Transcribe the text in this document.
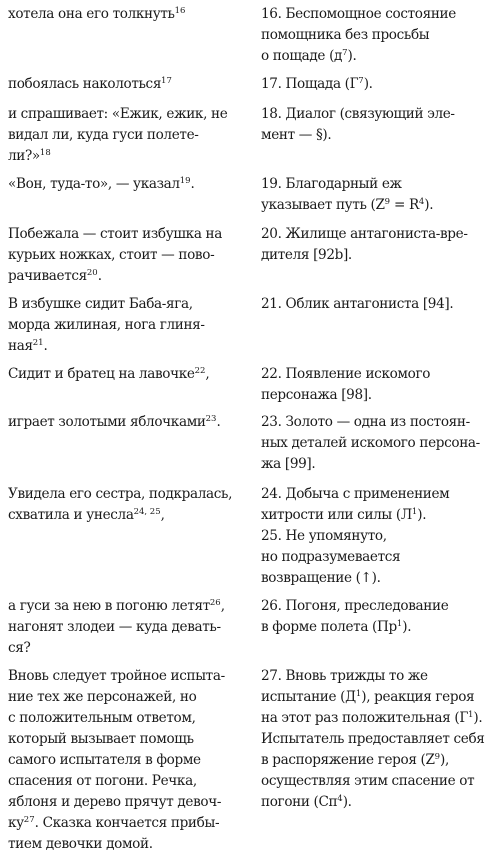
хотела она его толкнуть$^{16}$	16. Беспомощное состояние
помощника без просьбы
о пощаде $(д^7)$.
побоялась наколоться$^{17}$	17. Пощада $(Г^7)$.
и спрашивает: «Ежик, ежик, не
видал ли, куда гуси полете-
ли?»$^{18}$
18. Диалог (связующий эле-
мент — §).
«Вон, туда-то», — указал$^{19}$.	19. Благодарный еж
указывает путь $(Z^9 = R^4)$.
Побежала — стоит избушка на
курьих ножках, стоит — пово-
рачивается$^{20}$.
20. Жилище антагониста-вре-
дителя [92b].
В избушке сидит Баба-яга,
морда жилиная, нога глиня-
ная$^{21}$.
21. Облик антагониста [94].
Сидит и братец на лавочке$^{22}$,	22. Появление искомого
персонажа [98].
играет золотыми яблочками$^{23}$.	23. Золото — одна из постоян-
ных деталей искомого персона-
жа [99].
Увидела его сестра, подкралась,
схватила и унесла$^{24, 25}$,
24. Добыча с применением
хитрости или силы $(Л^1)$.
25. Не упомянуто,
но подразумевается
возвращение (↑).
а гуси за нею в погоню летят$^{26}$,
нагонят злодеи — куда девать-
ся?
26. Погоня, преследование
в форме полета $(Пр^1)$.
Вновь следует тройное испыта-
ние тех же персонажей, но
с положительным ответом,
который вызывает помощь
самого испытателя в форме
спасения от погони. Речка,
яблоня и дерево прячут девоч-
$ку^{27}$. Сказка кончается прибы-
тием девочки домой.
27. Вновь трижды то же
испытание $(Д^1)$, реакция героя
на этот раз положительная $(Г^1)$.
Испытатель предоставляет себя
в распоряжение героя $(Z^9)$,
осуществляя этим спасение от
погони $(Сп^4)$.
